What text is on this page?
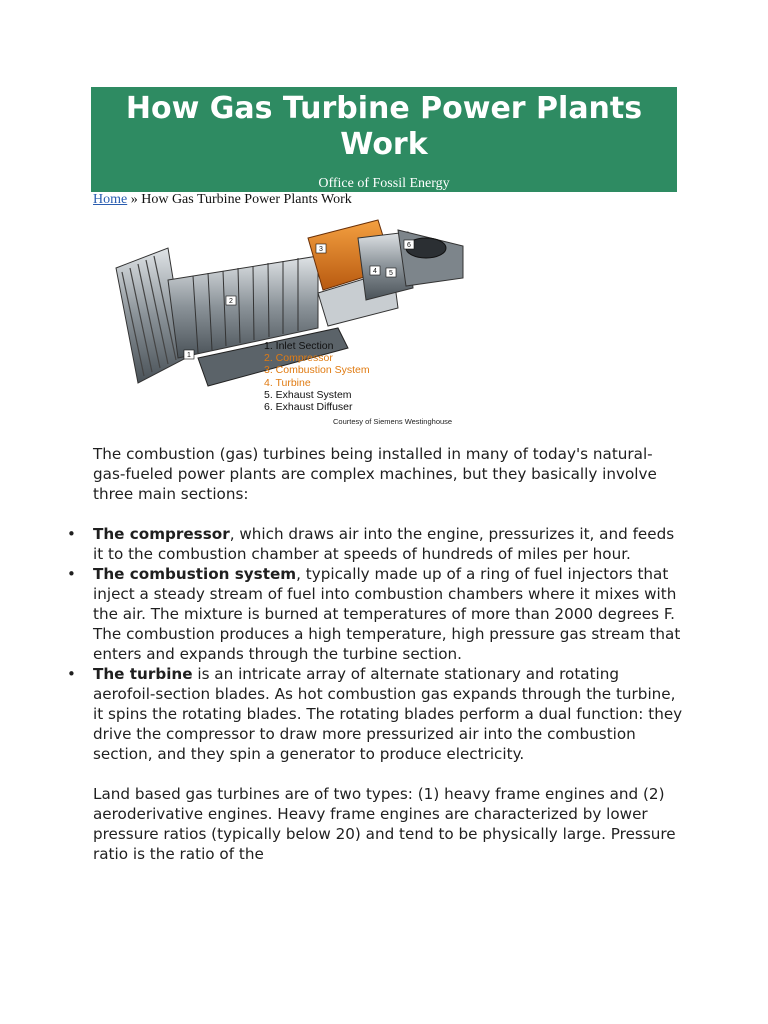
How Gas Turbine Power Plants Work
Office of Fossil Energy
Home » How Gas Turbine Power Plants Work
1
2
3
4 5
6
1. Inlet Section
2. Compressor
3. Combustion System
4. Turbine
5. Exhaust System
6. Exhaust Diffuser
Courtesy of Siemens Westinghouse

The combustion (gas) turbines being installed in many of today's natural-gas-fueled power plants are complex machines, but they basically involve three main sections:

• The compressor, which draws air into the engine, pressurizes it, and feeds it to the combustion chamber at speeds of hundreds of miles per hour.
• The combustion system, typically made up of a ring of fuel injectors that inject a steady stream of fuel into combustion chambers where it mixes with the air. The mixture is burned at temperatures of more than 2000 degrees F. The combustion produces a high temperature, high pressure gas stream that enters and expands through the turbine section.
• The turbine is an intricate array of alternate stationary and rotating aerofoil-section blades. As hot combustion gas expands through the turbine, it spins the rotating blades. The rotating blades perform a dual function: they drive the compressor to draw more pressurized air into the combustion section, and they spin a generator to produce electricity.

Land based gas turbines are of two types: (1) heavy frame engines and (2) aeroderivative engines. Heavy frame engines are characterized by lower pressure ratios (typically below 20) and tend to be physically large. Pressure ratio is the ratio of the
